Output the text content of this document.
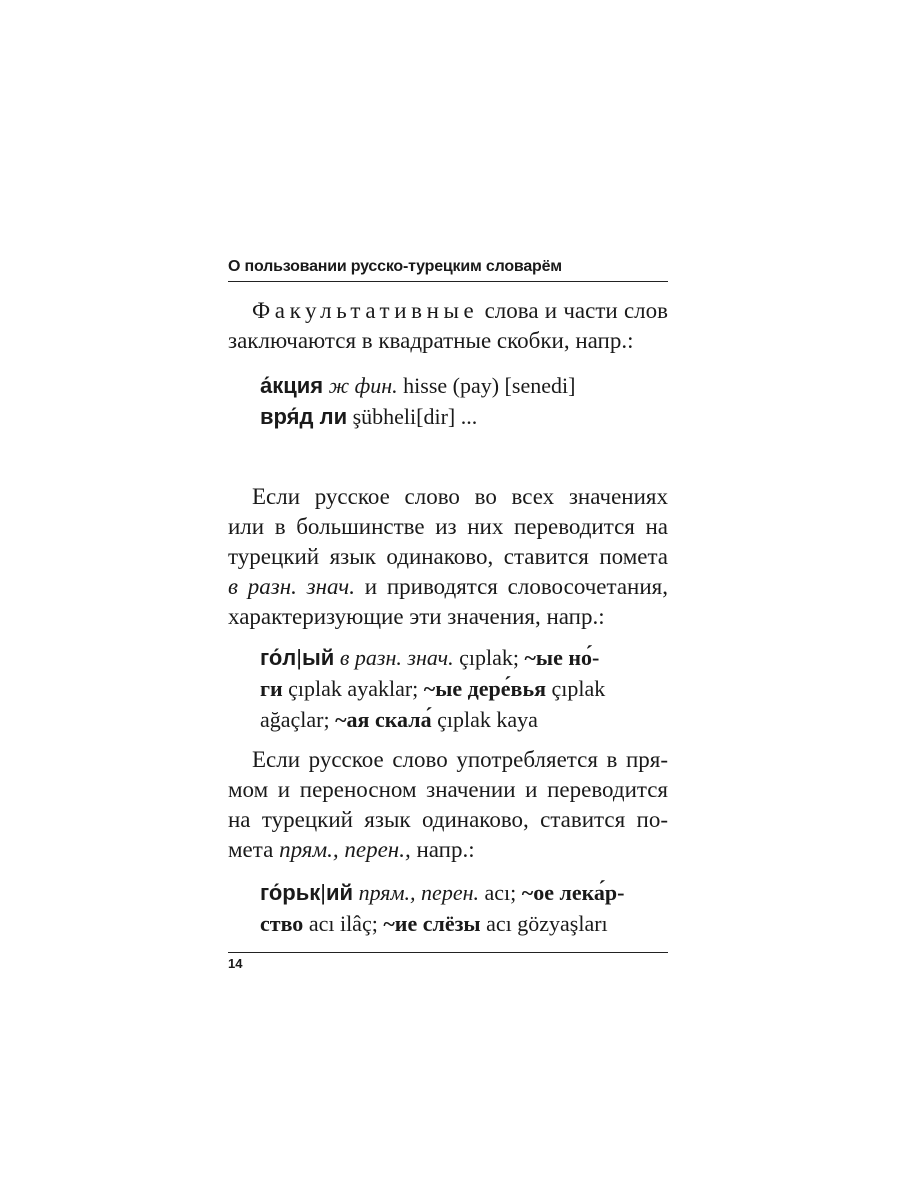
О пользовании русско-турецким словарём

Факультативные слова и части слов
заключаются в квадратные скобки, напр.:

а́кция ж фин. hisse (pay) [senedi]
вря́д ли şübheli[dir] ...

Если русское слово во всех значениях
или в большинстве из них переводится на
турецкий язык одинаково, ставится помета
в разн. знач. и приводятся словосочетания,
характеризующие эти значения, напр.:

го́л|ый в разн. знач. çıplak; ~ые но́-
ги çıplak ayaklar; ~ые дере́вья çıplak
ağaçlar; ~ая скала́ çıplak kaya

Если русское слово употребляется в пря-
мом и переносном значении и переводится
на турецкий язык одинаково, ставится по-
мета прям., перен., напр.:

го́рьк|ий прям., перен. acı; ~ое лека́р-
ство acı ilâç; ~ие слёзы acı gözyaşları
14
